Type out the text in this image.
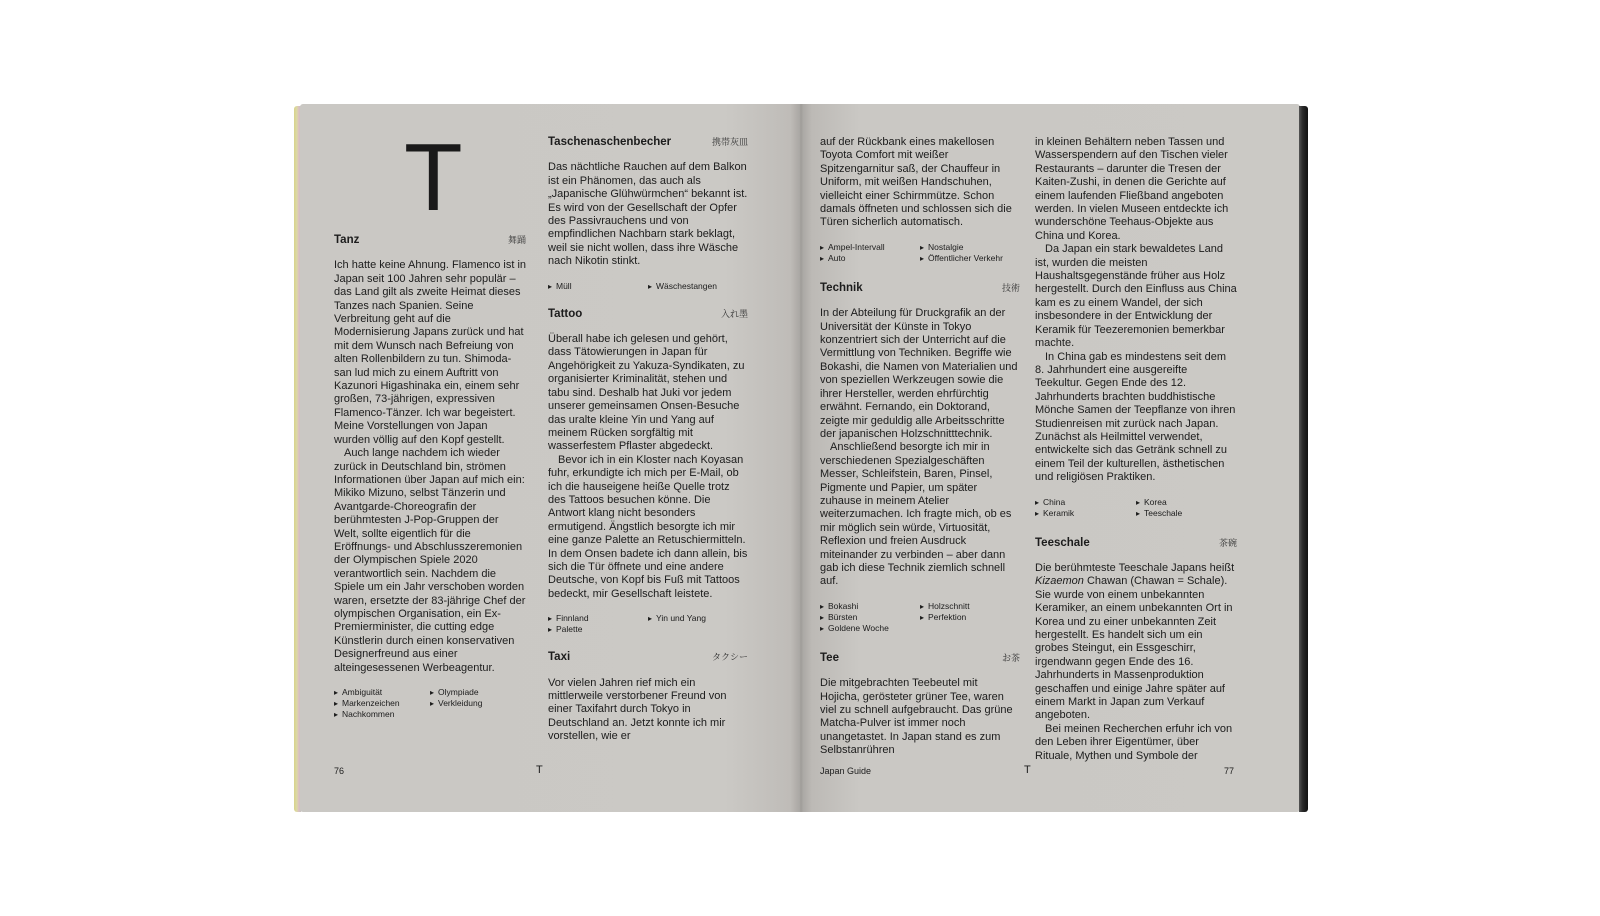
T
Tanz	舞踊

Ich hatte keine Ahnung. Flamenco ist in Japan seit 100 Jahren sehr populär – das Land gilt als zweite Heimat dieses Tanzes nach Spanien. Seine Verbreitung geht auf die Modernisierung Japans zurück und hat mit dem Wunsch nach Befreiung von alten Rollenbildern zu tun. Shimoda-san lud mich zu einem Auftritt von Kazunori Higashinaka ein, einem sehr großen, 73-jährigen, expressiven Flamenco-Tänzer. Ich war begeistert. Meine Vorstellungen von Japan wurden völlig auf den Kopf gestellt.

Auch lange nachdem ich wieder zurück in Deutschland bin, strömen Informationen über Japan auf mich ein: Mikiko Mizuno, selbst Tänzerin und Avantgarde-Choreografin der berühmtesten J-Pop-Gruppen der Welt, sollte eigentlich für die Eröffnungs- und Abschlusszeremonien der Olympischen Spiele 2020 verantwortlich sein. Nachdem die Spiele um ein Jahr verschoben worden waren, ersetzte der 83-jährige Chef der olympischen Organisation, ein Ex-Premierminister, die cutting edge Künstlerin durch einen konservativen Designerfreund aus einer alteingesessenen Werbeagentur.

▸ Ambiguität	▸ Olympiade
▸ Markenzeichen	▸ Verkleidung
▸ Nachkommen
Taschenaschenbecher	携帯灰皿

Das nächtliche Rauchen auf dem Balkon ist ein Phänomen, das auch als „Japanische Glühwürmchen“ bekannt ist. Es wird von der Gesellschaft der Opfer des Passivrauchens und von empfindlichen Nachbarn stark beklagt, weil sie nicht wollen, dass ihre Wäsche nach Nikotin stinkt.

▸ Müll	▸ Wäschestangen
Tattoo	入れ墨

Überall habe ich gelesen und gehört, dass Tätowierungen in Japan für Angehörigkeit zu Yakuza-Syndikaten, zu organisierter Kriminalität, stehen und tabu sind. Deshalb hat Juki vor jedem unserer gemeinsamen Onsen-Besuche das uralte kleine Yin und Yang auf meinem Rücken sorgfältig mit wasserfestem Pflaster abgedeckt.

Bevor ich in ein Kloster nach Koyasan fuhr, erkundigte ich mich per E-Mail, ob ich die hauseigene heiße Quelle trotz des Tattoos besuchen könne. Die Antwort klang nicht besonders ermutigend. Ängstlich besorgte ich mir eine ganze Palette an Retuschiermitteln. In dem Onsen badete ich dann allein, bis sich die Tür öffnete und eine andere Deutsche, von Kopf bis Fuß mit Tattoos bedeckt, mir Gesellschaft leistete.

▸ Finnland	▸ Yin und Yang
▸ Palette
Taxi	タクシー

Vor vielen Jahren rief mich ein mittlerweile verstorbener Freund von einer Taxifahrt durch Tokyo in Deutschland an. Jetzt konnte ich mir vorstellen, wie er

76	T

auf der Rückbank eines makellosen Toyota Comfort mit weißer Spitzengarnitur saß, der Chauffeur in Uniform, mit weißen Handschuhen, vielleicht einer Schirmmütze. Schon damals öffneten und schlossen sich die Türen sicherlich automatisch.

▸ Ampel-Intervall	▸ Nostalgie
▸ Auto	▸ Öffentlicher Verkehr
Technik	技術

In der Abteilung für Druckgrafik an der Universität der Künste in Tokyo konzentriert sich der Unterricht auf die Vermittlung von Techniken. Begriffe wie Bokashi, die Namen von Materialien und von speziellen Werkzeugen sowie die ihrer Hersteller, werden ehrfürchtig erwähnt. Fernando, ein Doktorand, zeigte mir geduldig alle Arbeitsschritte der japanischen Holzschnitttechnik.

Anschließend besorgte ich mir in verschiedenen Spezialgeschäften Messer, Schleifstein, Baren, Pinsel, Pigmente und Papier, um später zuhause in meinem Atelier weiterzumachen. Ich fragte mich, ob es mir möglich sein würde, Virtuosität, Reflexion und freien Ausdruck miteinander zu verbinden – aber dann gab ich diese Technik ziemlich schnell auf.

▸ Bokashi	▸ Holzschnitt
▸ Bürsten	▸ Perfektion
▸ Goldene Woche
Tee	お茶

Die mitgebrachten Teebeutel mit Hojicha, gerösteter grüner Tee, waren viel zu schnell aufgebraucht. Das grüne Matcha-Pulver ist immer noch unangetastet. In Japan stand es zum Selbstanrühren

in kleinen Behältern neben Tassen und Wasserspendern auf den Tischen vieler Restaurants – darunter die Tresen der Kaiten-Zushi, in denen die Gerichte auf einem laufenden Fließband angeboten werden. In vielen Museen entdeckte ich wunderschöne Teehaus-Objekte aus China und Korea.

Da Japan ein stark bewaldetes Land ist, wurden die meisten Haushaltsgegenstände früher aus Holz hergestellt. Durch den Einfluss aus China kam es zu einem Wandel, der sich insbesondere in der Entwicklung der Keramik für Teezeremonien bemerkbar machte.

In China gab es mindestens seit dem 8. Jahrhundert eine ausgereifte Teekultur. Gegen Ende des 12. Jahrhunderts brachten buddhistische Mönche Samen der Teepflanze von ihren Studienreisen mit zurück nach Japan. Zunächst als Heilmittel verwendet, entwickelte sich das Getränk schnell zu einem Teil der kulturellen, ästhetischen und religiösen Praktiken.

▸ China	▸ Korea
▸ Keramik	▸ Teeschale
Teeschale	茶碗

Die berühmteste Teeschale Japans heißt Kizaemon Chawan (Chawan = Schale). Sie wurde von einem unbekannten Keramiker, an einem unbekannten Ort in Korea und zu einer unbekannten Zeit hergestellt. Es handelt sich um ein grobes Steingut, ein Essgeschirr, irgendwann gegen Ende des 16. Jahrhunderts in Massenproduktion geschaffen und einige Jahre später auf einem Markt in Japan zum Verkauf angeboten.

Bei meinen Recherchen erfuhr ich von den Leben ihrer Eigentümer, über Rituale, Mythen und Symbole der

Japan Guide	T	77
